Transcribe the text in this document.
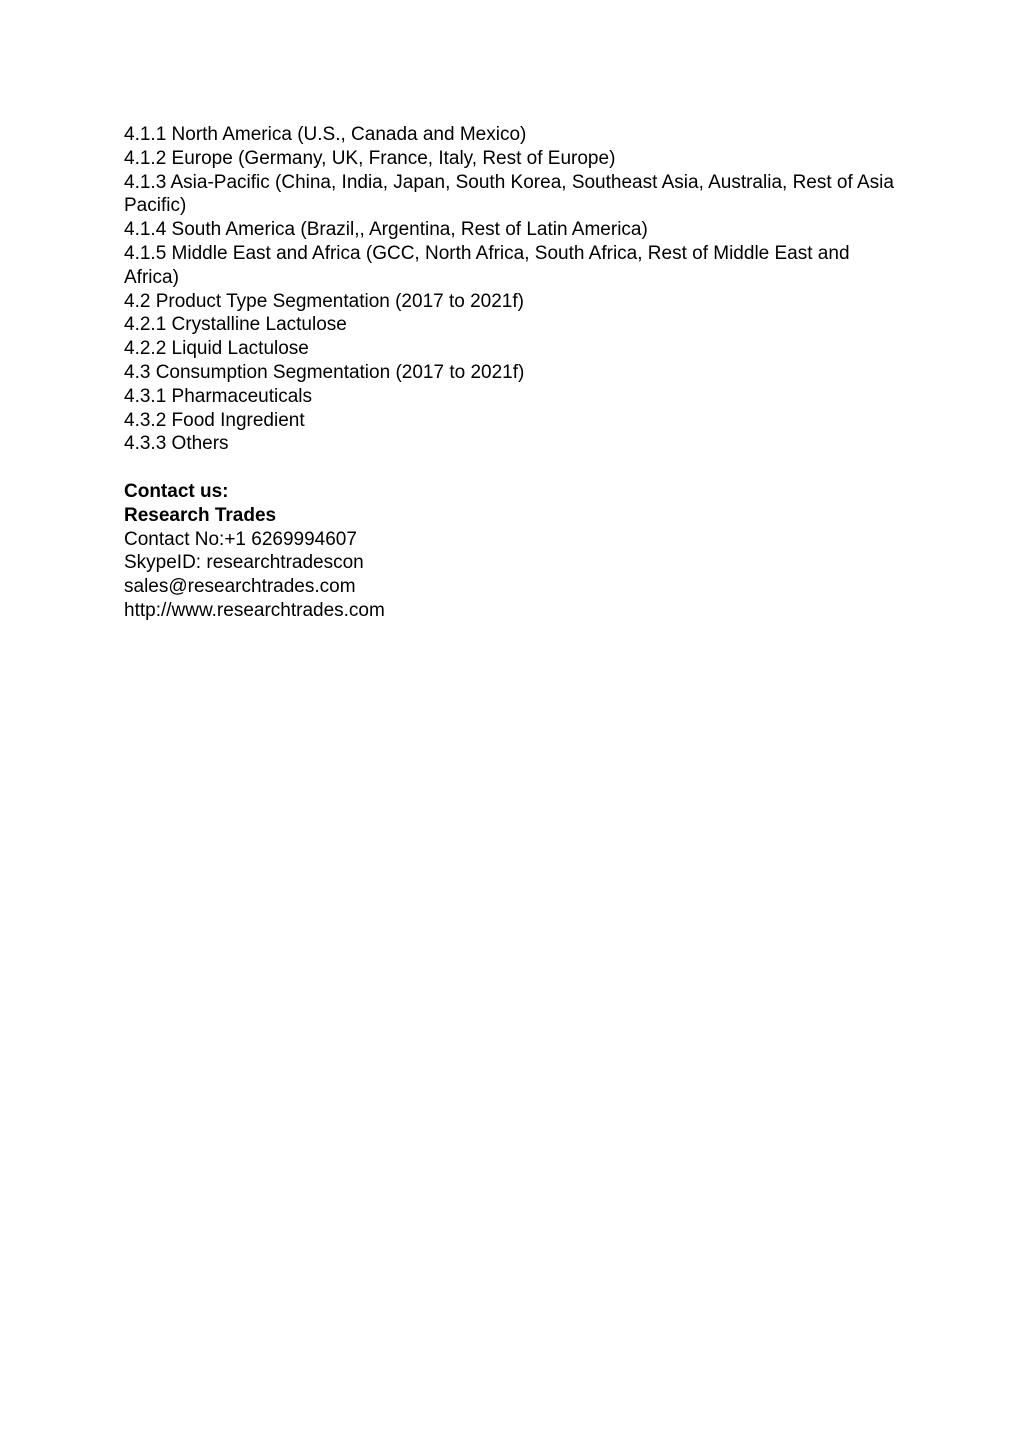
4.1.1 North America (U.S., Canada and Mexico)

4.1.2 Europe (Germany, UK, France, Italy, Rest of Europe)

4.1.3 Asia-Pacific (China, India, Japan, South Korea, Southeast Asia, Australia, Rest of Asia Pacific)

4.1.4 South America (Brazil,, Argentina, Rest of Latin America)

4.1.5 Middle East and Africa (GCC, North Africa, South Africa, Rest of Middle East and Africa)

4.2 Product Type Segmentation (2017 to 2021f)

4.2.1 Crystalline Lactulose

4.2.2 Liquid Lactulose

4.3 Consumption Segmentation (2017 to 2021f)

4.3.1 Pharmaceuticals

4.3.2 Food Ingredient

4.3.3 Others

Contact us:

Research Trades

Contact No:+1 6269994607

SkypeID: researchtradescon

sales@researchtrades.com

http://www.researchtrades.com
